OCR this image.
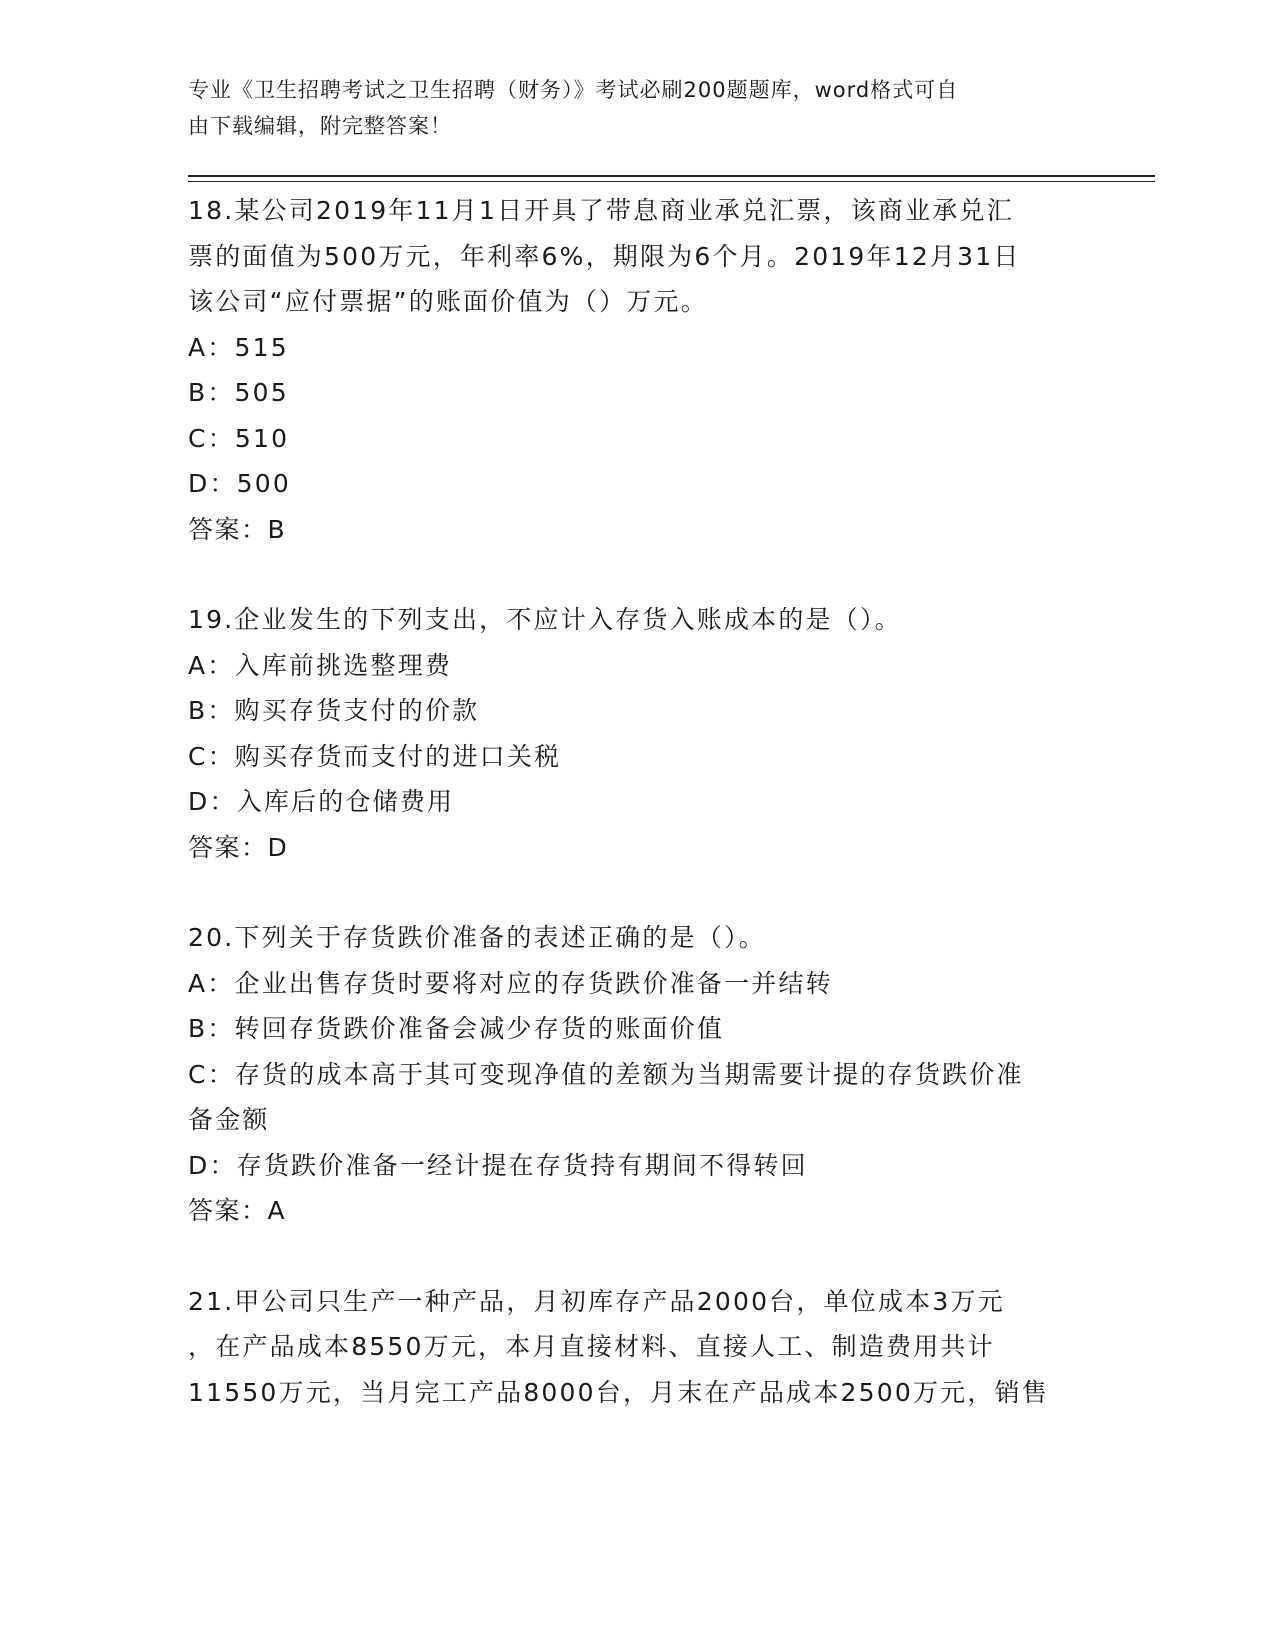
专业《卫生招聘考试之卫生招聘（财务）》考试必刷200题题库，word格式可自
由下载编辑，附完整答案！
18.某公司2019年11月1日开具了带息商业承兑汇票，该商业承兑汇
票的面值为500万元，年利率6%，期限为6个月。2019年12月31日
该公司“应付票据”的账面价值为（）万元。
A：515
B：505
C：510
D：500
答案：B
19.企业发生的下列支出，不应计入存货入账成本的是（）。
A：入库前挑选整理费
B：购买存货支付的价款
C：购买存货而支付的进口关税
D：入库后的仓储费用
答案：D
20.下列关于存货跌价准备的表述正确的是（）。
A：企业出售存货时要将对应的存货跌价准备一并结转
B：转回存货跌价准备会减少存货的账面价值
C：存货的成本高于其可变现净值的差额为当期需要计提的存货跌价准
备金额
D：存货跌价准备一经计提在存货持有期间不得转回
答案：A
21.甲公司只生产一种产品，月初库存产品2000台，单位成本3万元
，在产品成本8550万元，本月直接材料、直接人工、制造费用共计
11550万元，当月完工产品8000台，月末在产品成本2500万元，销售
